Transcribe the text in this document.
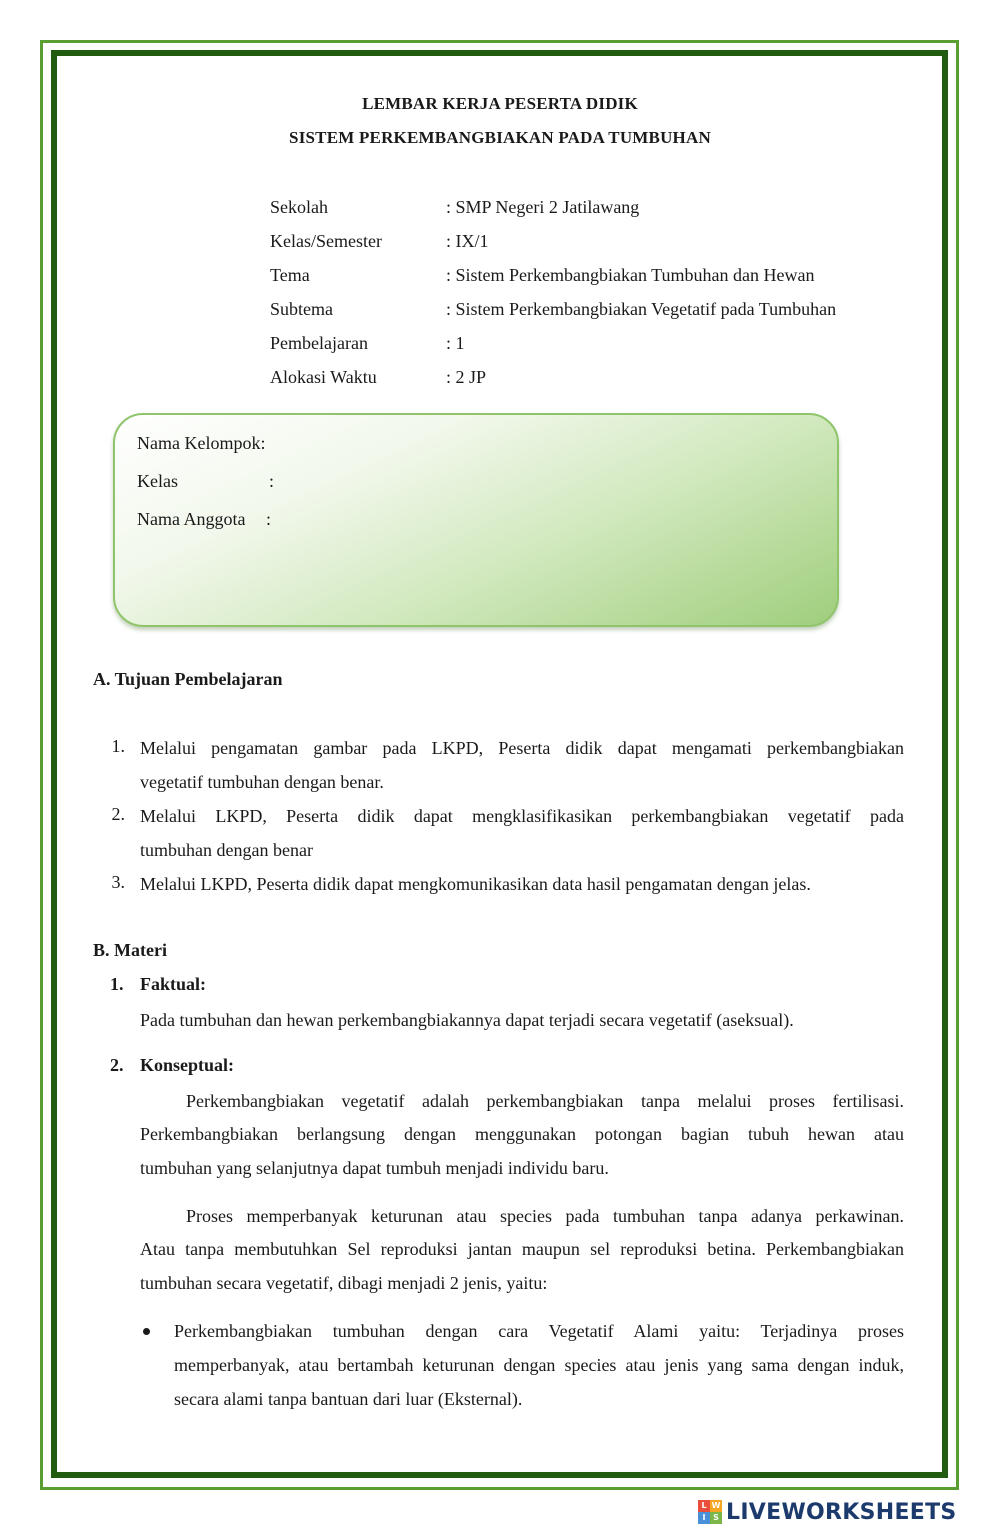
LEMBAR KERJA PESERTA DIDIK
SISTEM PERKEMBANGBIAKAN PADA TUMBUHAN
Sekolah	: SMP Negeri 2 Jatilawang
Kelas/Semester	: IX/1
Tema	: Sistem Perkembangbiakan Tumbuhan dan Hewan
Subtema	: Sistem Perkembangbiakan Vegetatif pada Tumbuhan
Pembelajaran	: 1
Alokasi Waktu	: 2 JP
Nama Kelompok:
Kelas	:
Nama Anggota :
A. Tujuan Pembelajaran
1. Melalui pengamatan gambar pada LKPD, Peserta didik dapat mengamati perkembangbiakan
vegetatif tumbuhan dengan benar.
2. Melalui LKPD, Peserta didik dapat mengklasifikasikan perkembangbiakan vegetatif pada
tumbuhan dengan benar
3. Melalui LKPD, Peserta didik dapat mengkomunikasikan data hasil pengamatan dengan jelas.
B. Materi
1. Faktual:
Pada tumbuhan dan hewan perkembangbiakannya dapat terjadi secara vegetatif (aseksual).
2. Konseptual:
Perkembangbiakan vegetatif adalah perkembangbiakan tanpa melalui proses fertilisasi.
Perkembangbiakan berlangsung dengan menggunakan potongan bagian tubuh hewan atau
tumbuhan yang selanjutnya dapat tumbuh menjadi individu baru.
Proses memperbanyak keturunan atau species pada tumbuhan tanpa adanya perkawinan.
Atau tanpa membutuhkan Sel reproduksi jantan maupun sel reproduksi betina. Perkembangbiakan
tumbuhan secara vegetatif, dibagi menjadi 2 jenis, yaitu:
Perkembangbiakan tumbuhan dengan cara Vegetatif Alami yaitu: Terjadinya proses
memperbanyak, atau bertambah keturunan dengan species atau jenis yang sama dengan induk,
secara alami tanpa bantuan dari luar (Eksternal).
L W
I S LIVEWORKSHEETS
